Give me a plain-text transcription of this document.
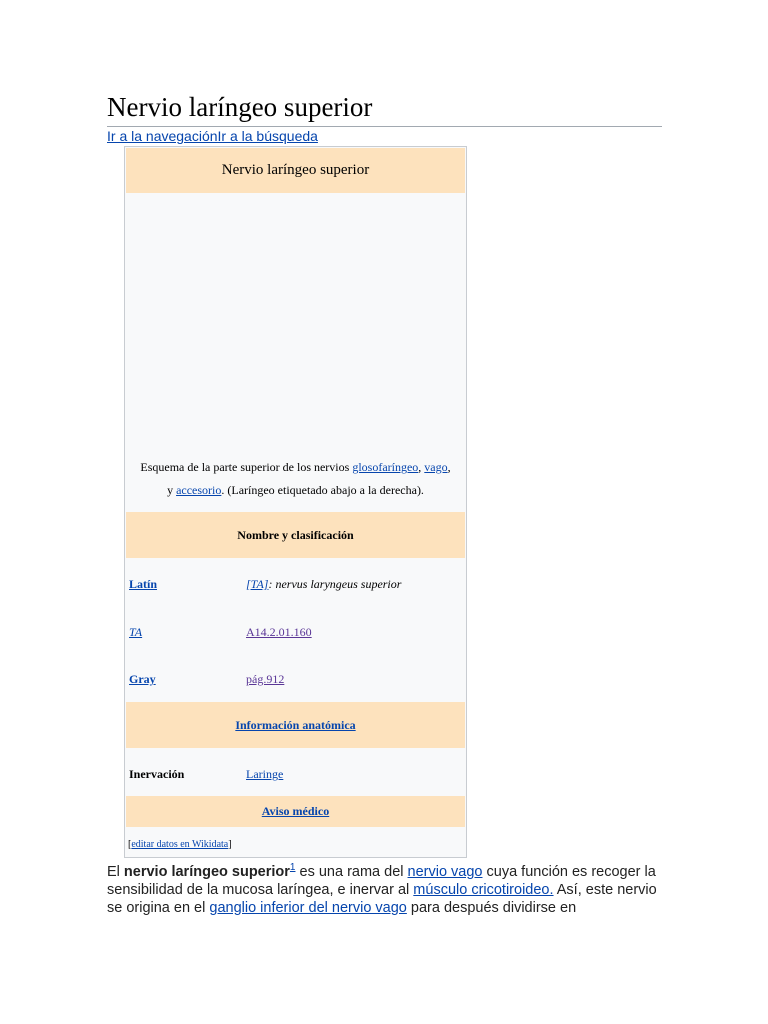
Nervio laríngeo superior
Ir a la navegaciónIr a la búsqueda
Nervio laríngeo superior
Esquema de la parte superior de los nervios glosofaríngeo, vago,
y accesorio. (Laríngeo etiquetado abajo a la derecha).
Nombre y clasificación
Latín	[TA]: nervus laryngeus superior
TA	A14.2.01.160
Gray	pág.912
Información anatómica
Inervación	Laringe
Aviso médico
[editar datos en Wikidata]
El nervio laríngeo superior$^1$ es una rama del nervio vago cuya función es recoger la sensibilidad de la mucosa laríngea, e inervar al músculo cricotiroideo. Así, este nervio se origina en el ganglio inferior del nervio vago para después dividirse en
